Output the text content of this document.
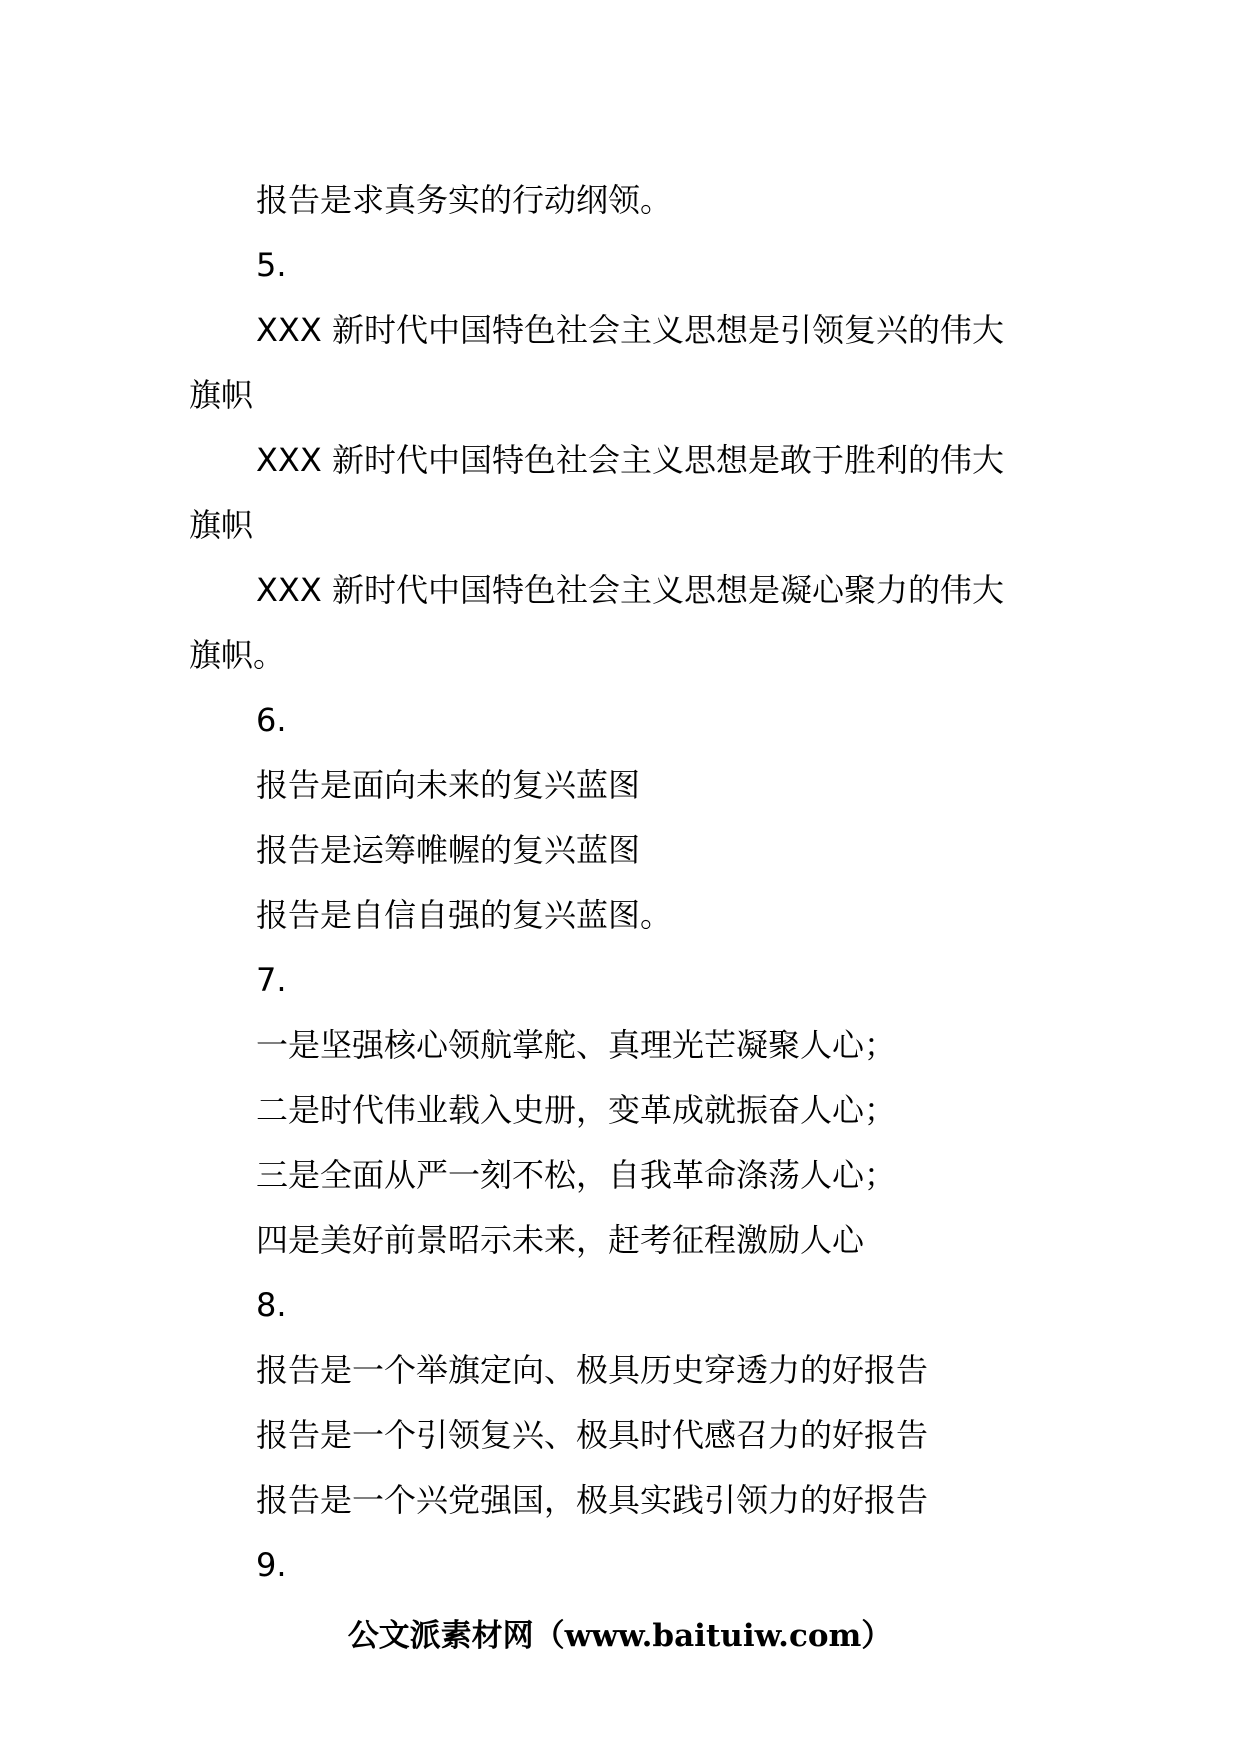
报告是求真务实的行动纲领。
5.
XXX 新时代中国特色社会主义思想是引领复兴的伟大
旗帜
XXX 新时代中国特色社会主义思想是敢于胜利的伟大
旗帜
XXX 新时代中国特色社会主义思想是凝心聚力的伟大
旗帜。
6.
报告是面向未来的复兴蓝图
报告是运筹帷幄的复兴蓝图
报告是自信自强的复兴蓝图。
7.
一是坚强核心领航掌舵、真理光芒凝聚人心；
二是时代伟业载入史册，变革成就振奋人心；
三是全面从严一刻不松，自我革命涤荡人心；
四是美好前景昭示未来，赶考征程激励人心
8.
报告是一个举旗定向、极具历史穿透力的好报告
报告是一个引领复兴、极具时代感召力的好报告
报告是一个兴党强国，极具实践引领力的好报告
9.
公文派素材网（www.baituiw.com）
